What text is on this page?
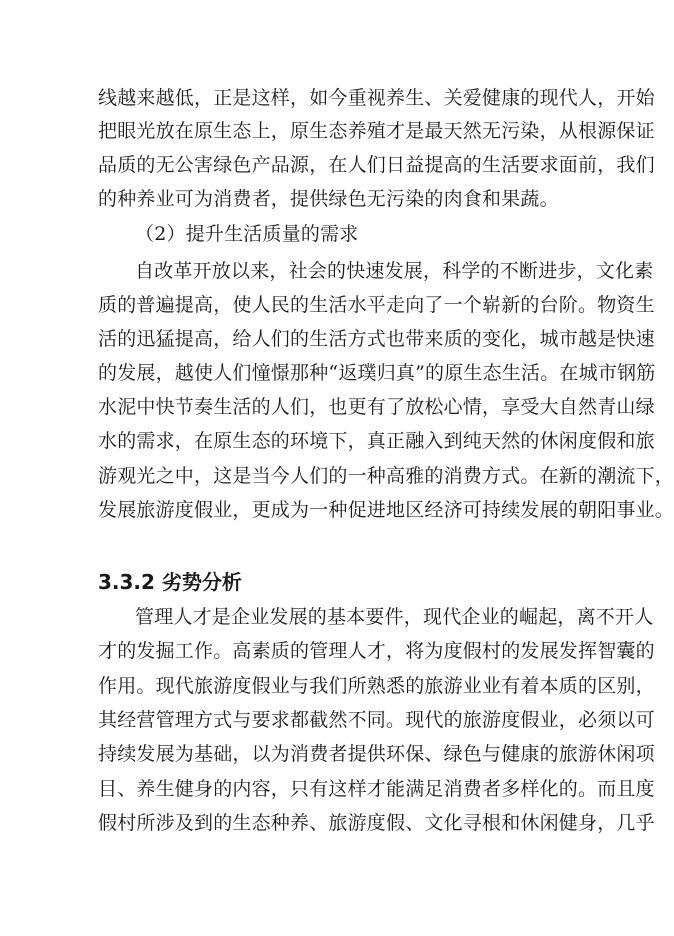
线越来越低，正是这样，如今重视养生、关爱健康的现代人，开始
把眼光放在原生态上，原生态养殖才是最天然无污染，从根源保证
品质的无公害绿色产品源，在人们日益提高的生活要求面前，我们
的种养业可为消费者，提供绿色无污染的肉食和果蔬。
（2）提升生活质量的需求
自改革开放以来，社会的快速发展，科学的不断进步，文化素
质的普遍提高，使人民的生活水平走向了一个崭新的台阶。物资生
活的迅猛提高，给人们的生活方式也带来质的变化，城市越是快速
的发展，越使人们憧憬那种“返璞归真”的原生态生活。在城市钢筋
水泥中快节奏生活的人们，也更有了放松心情，享受大自然青山绿
水的需求，在原生态的环境下，真正融入到纯天然的休闲度假和旅
游观光之中，这是当今人们的一种高雅的消费方式。在新的潮流下，
发展旅游度假业，更成为一种促进地区经济可持续发展的朝阳事业。
3.3.2 劣势分析
管理人才是企业发展的基本要件，现代企业的崛起，离不开人
才的发掘工作。高素质的管理人才，将为度假村的发展发挥智囊的
作用。现代旅游度假业与我们所熟悉的旅游业业有着本质的区别，
其经营管理方式与要求都截然不同。现代的旅游度假业，必须以可
持续发展为基础，以为消费者提供环保、绿色与健康的旅游休闲项
目、养生健身的内容，只有这样才能满足消费者多样化的。而且度
假村所涉及到的生态种养、旅游度假、文化寻根和休闲健身，几乎
